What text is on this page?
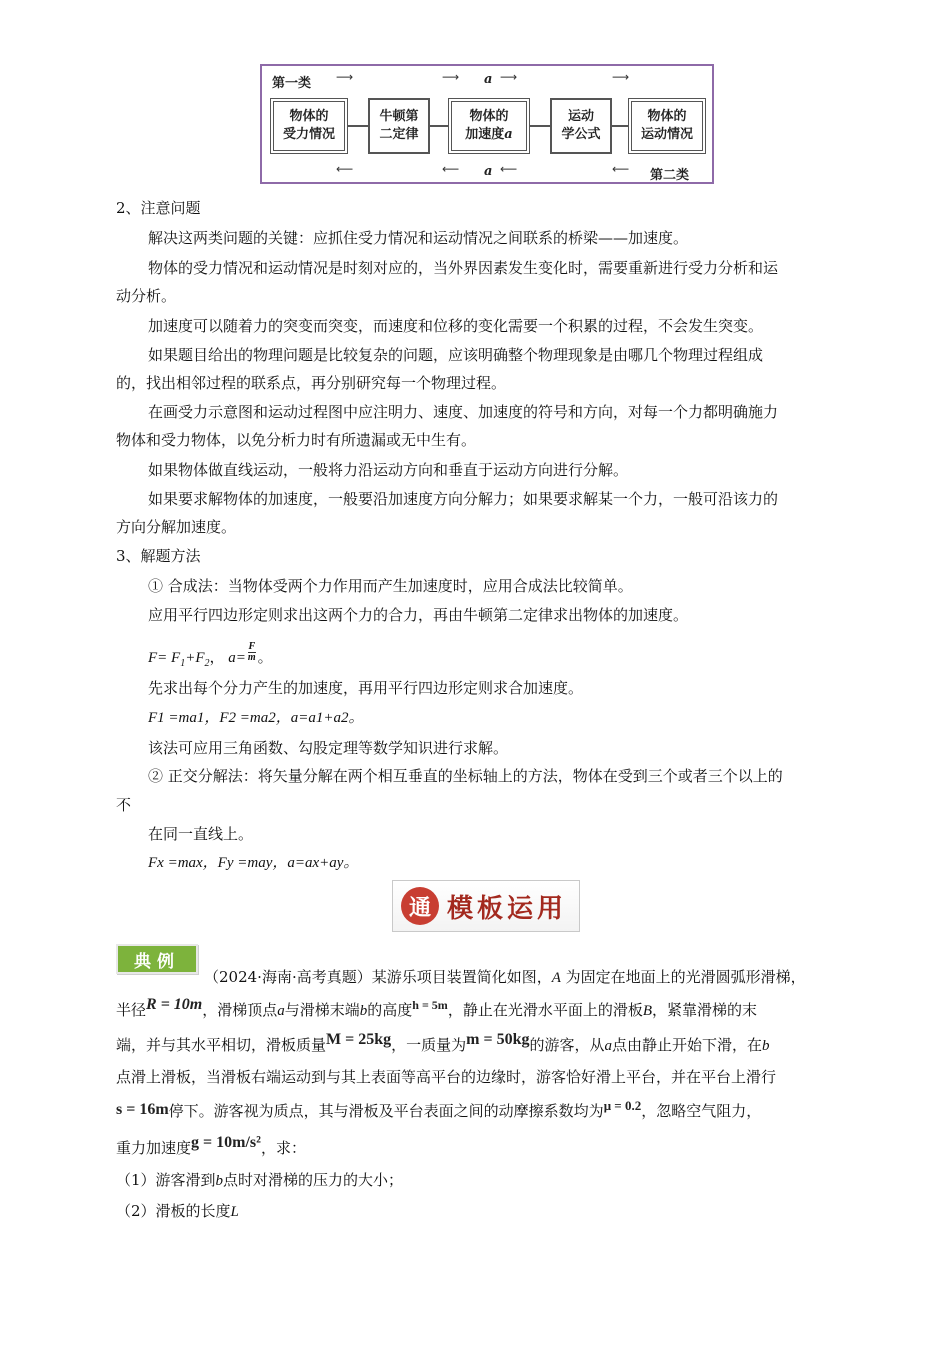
第一类 ⟶	⟶ a ⟶	⟶
物体的
受力情况
牛顿第
二定律
物体的
加速度a
运动
学公式
物体的
运动情况
⟵	⟵ a ⟵	⟵ 第二类
2、注意问题
解决这两类问题的关键：应抓住受力情况和运动情况之间联系的桥梁——加速度。
物体的受力情况和运动情况是时刻对应的，当外界因素发生变化时，需要重新进行受力分析和运
动分析。
加速度可以随着力的突变而突变，而速度和位移的变化需要一个积累的过程，不会发生突变。
如果题目给出的物理问题是比较复杂的问题，应该明确整个物理现象是由哪几个物理过程组成
的，找出相邻过程的联系点，再分别研究每一个物理过程。
在画受力示意图和运动过程图中应注明力、速度、加速度的符号和方向，对每一个力都明确施力
物体和受力物体，以免分析力时有所遗漏或无中生有。
如果物体做直线运动，一般将力沿运动方向和垂直于运动方向进行分解。
如果要求解物体的加速度，一般要沿加速度方向分解力；如果要求解某一个力，一般可沿该力的
方向分解加速度。
3、解题方法
① 合成法：当物体受两个力作用而产生加速度时，应用合成法比较简单。
应用平行四边形定则求出这两个力的合力，再由牛顿第二定律求出物体的加速度。
$F= F_1+F_2$， $a= \frac{F}{m}$ 。
先求出每个分力产生的加速度，再用平行四边形定则求合加速度。
F1 =ma1，F2 =ma2，a=a1+a2。
该法可应用三角函数、勾股定理等数学知识进行求解。
② 正交分解法：将矢量分解在两个相互垂直的坐标轴上的方法，物体在受到三个或者三个以上的
不
在同一直线上。
Fx =max，Fy =may，a=ax+ay。
通 模板运用
典例
（2024·海南·高考真题）某游乐项目装置简化如图，A 为固定在地面上的光滑圆弧形滑梯，
半径R = 10m，滑梯顶点a与滑梯末端b的高度$^{h = 5m}$，静止在光滑水平面上的滑板B，紧靠滑梯的末
端，并与其水平相切，滑板质量M = 25kg，一质量为m = 50kg的游客，从a点由静止开始下滑，在b
点滑上滑板，当滑板右端运动到与其上表面等高平台的边缘时，游客恰好滑上平台，并在平台上滑行
s = 16m停下。游客视为质点，其与滑板及平台表面之间的动摩擦系数均为μ = 0.2，忽略空气阻力，
重力加速度g = 10m/s²，求：
（1）游客滑到b点时对滑梯的压力的大小；
（2）滑板的长度L
